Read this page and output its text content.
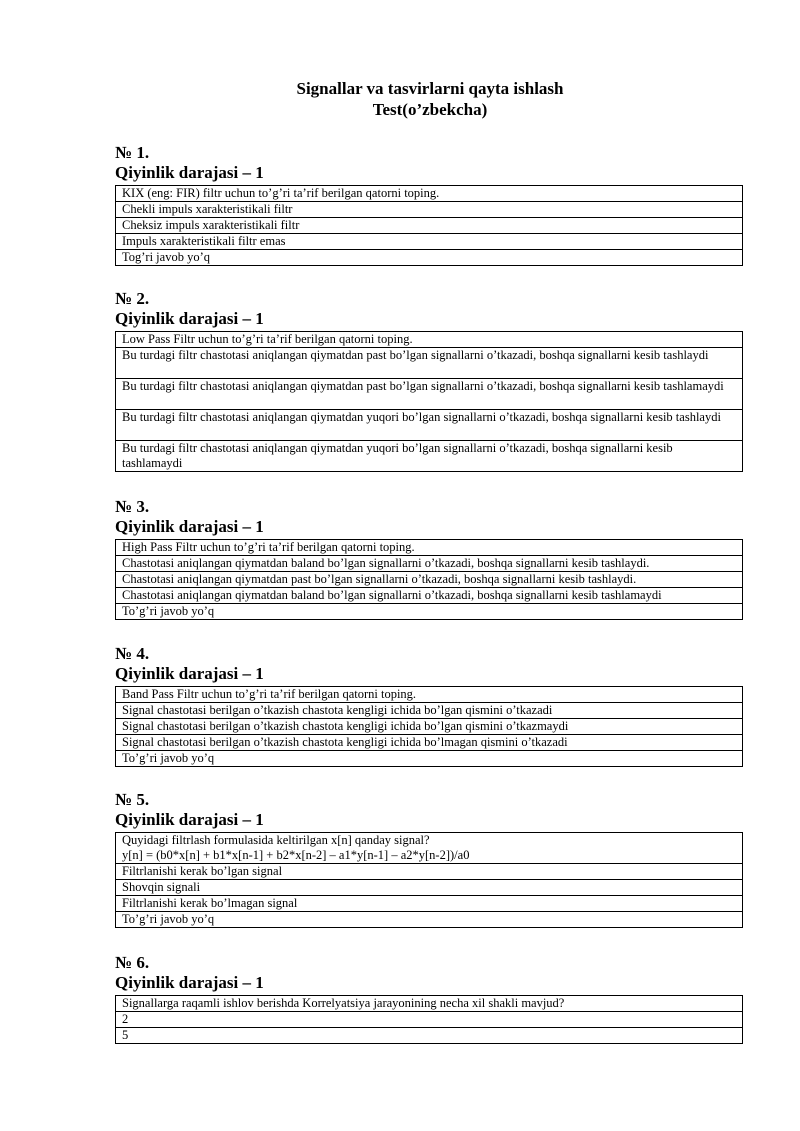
Signallar va tasvirlarni qayta ishlash
Test(o’zbekcha)
№ 1.
Qiyinlik darajasi – 1
KIX (eng: FIR) filtr uchun to’g’ri ta’rif berilgan qatorni toping.
Chekli impuls xarakteristikali filtr
Cheksiz impuls xarakteristikali filtr
Impuls xarakteristikali filtr emas
Tog’ri javob yo’q
№ 2.
Qiyinlik darajasi – 1
Low Pass Filtr uchun to’g’ri ta’rif berilgan qatorni toping.
Bu turdagi filtr chastotasi aniqlangan qiymatdan past bo’lgan signallarni o’tkazadi, boshqa signallarni kesib tashlaydi
Bu turdagi filtr chastotasi aniqlangan qiymatdan past bo’lgan signallarni o’tkazadi, boshqa signallarni kesib tashlamaydi
Bu turdagi filtr chastotasi aniqlangan qiymatdan yuqori bo’lgan signallarni o’tkazadi, boshqa signallarni kesib tashlaydi
Bu turdagi filtr chastotasi aniqlangan qiymatdan yuqori bo’lgan signallarni o’tkazadi, boshqa signallarni kesib tashlamaydi
№ 3.
Qiyinlik darajasi – 1
High Pass Filtr uchun to’g’ri ta’rif berilgan qatorni toping.
Chastotasi aniqlangan qiymatdan baland bo’lgan signallarni o’tkazadi, boshqa signallarni kesib tashlaydi.
Chastotasi aniqlangan qiymatdan past bo’lgan signallarni o’tkazadi, boshqa signallarni kesib tashlaydi.
Chastotasi aniqlangan qiymatdan baland bo’lgan signallarni o’tkazadi, boshqa signallarni kesib tashlamaydi
To’g’ri javob yo’q
№ 4.
Qiyinlik darajasi – 1
Band Pass Filtr uchun to’g’ri ta’rif berilgan qatorni toping.
Signal chastotasi berilgan o’tkazish chastota kengligi ichida bo’lgan qismini o’tkazadi
Signal chastotasi berilgan o’tkazish chastota kengligi ichida bo’lgan qismini o’tkazmaydi
Signal chastotasi berilgan o’tkazish chastota kengligi ichida bo’lmagan qismini o’tkazadi
To’g’ri javob yo’q
№ 5.
Qiyinlik darajasi – 1
Quyidagi filtrlash formulasida keltirilgan x[n] qanday signal?
y[n] = (b0*x[n] + b1*x[n-1] + b2*x[n-2] – a1*y[n-1] – a2*y[n-2])/a0

Filtrlanishi kerak bo’lgan signal
Shovqin signali
Filtrlanishi kerak bo’lmagan signal
To’g’ri javob yo’q
№ 6.
Qiyinlik darajasi – 1
Signallarga raqamli ishlov berishda Korrelyatsiya jarayonining necha xil shakli mavjud?
2
5
